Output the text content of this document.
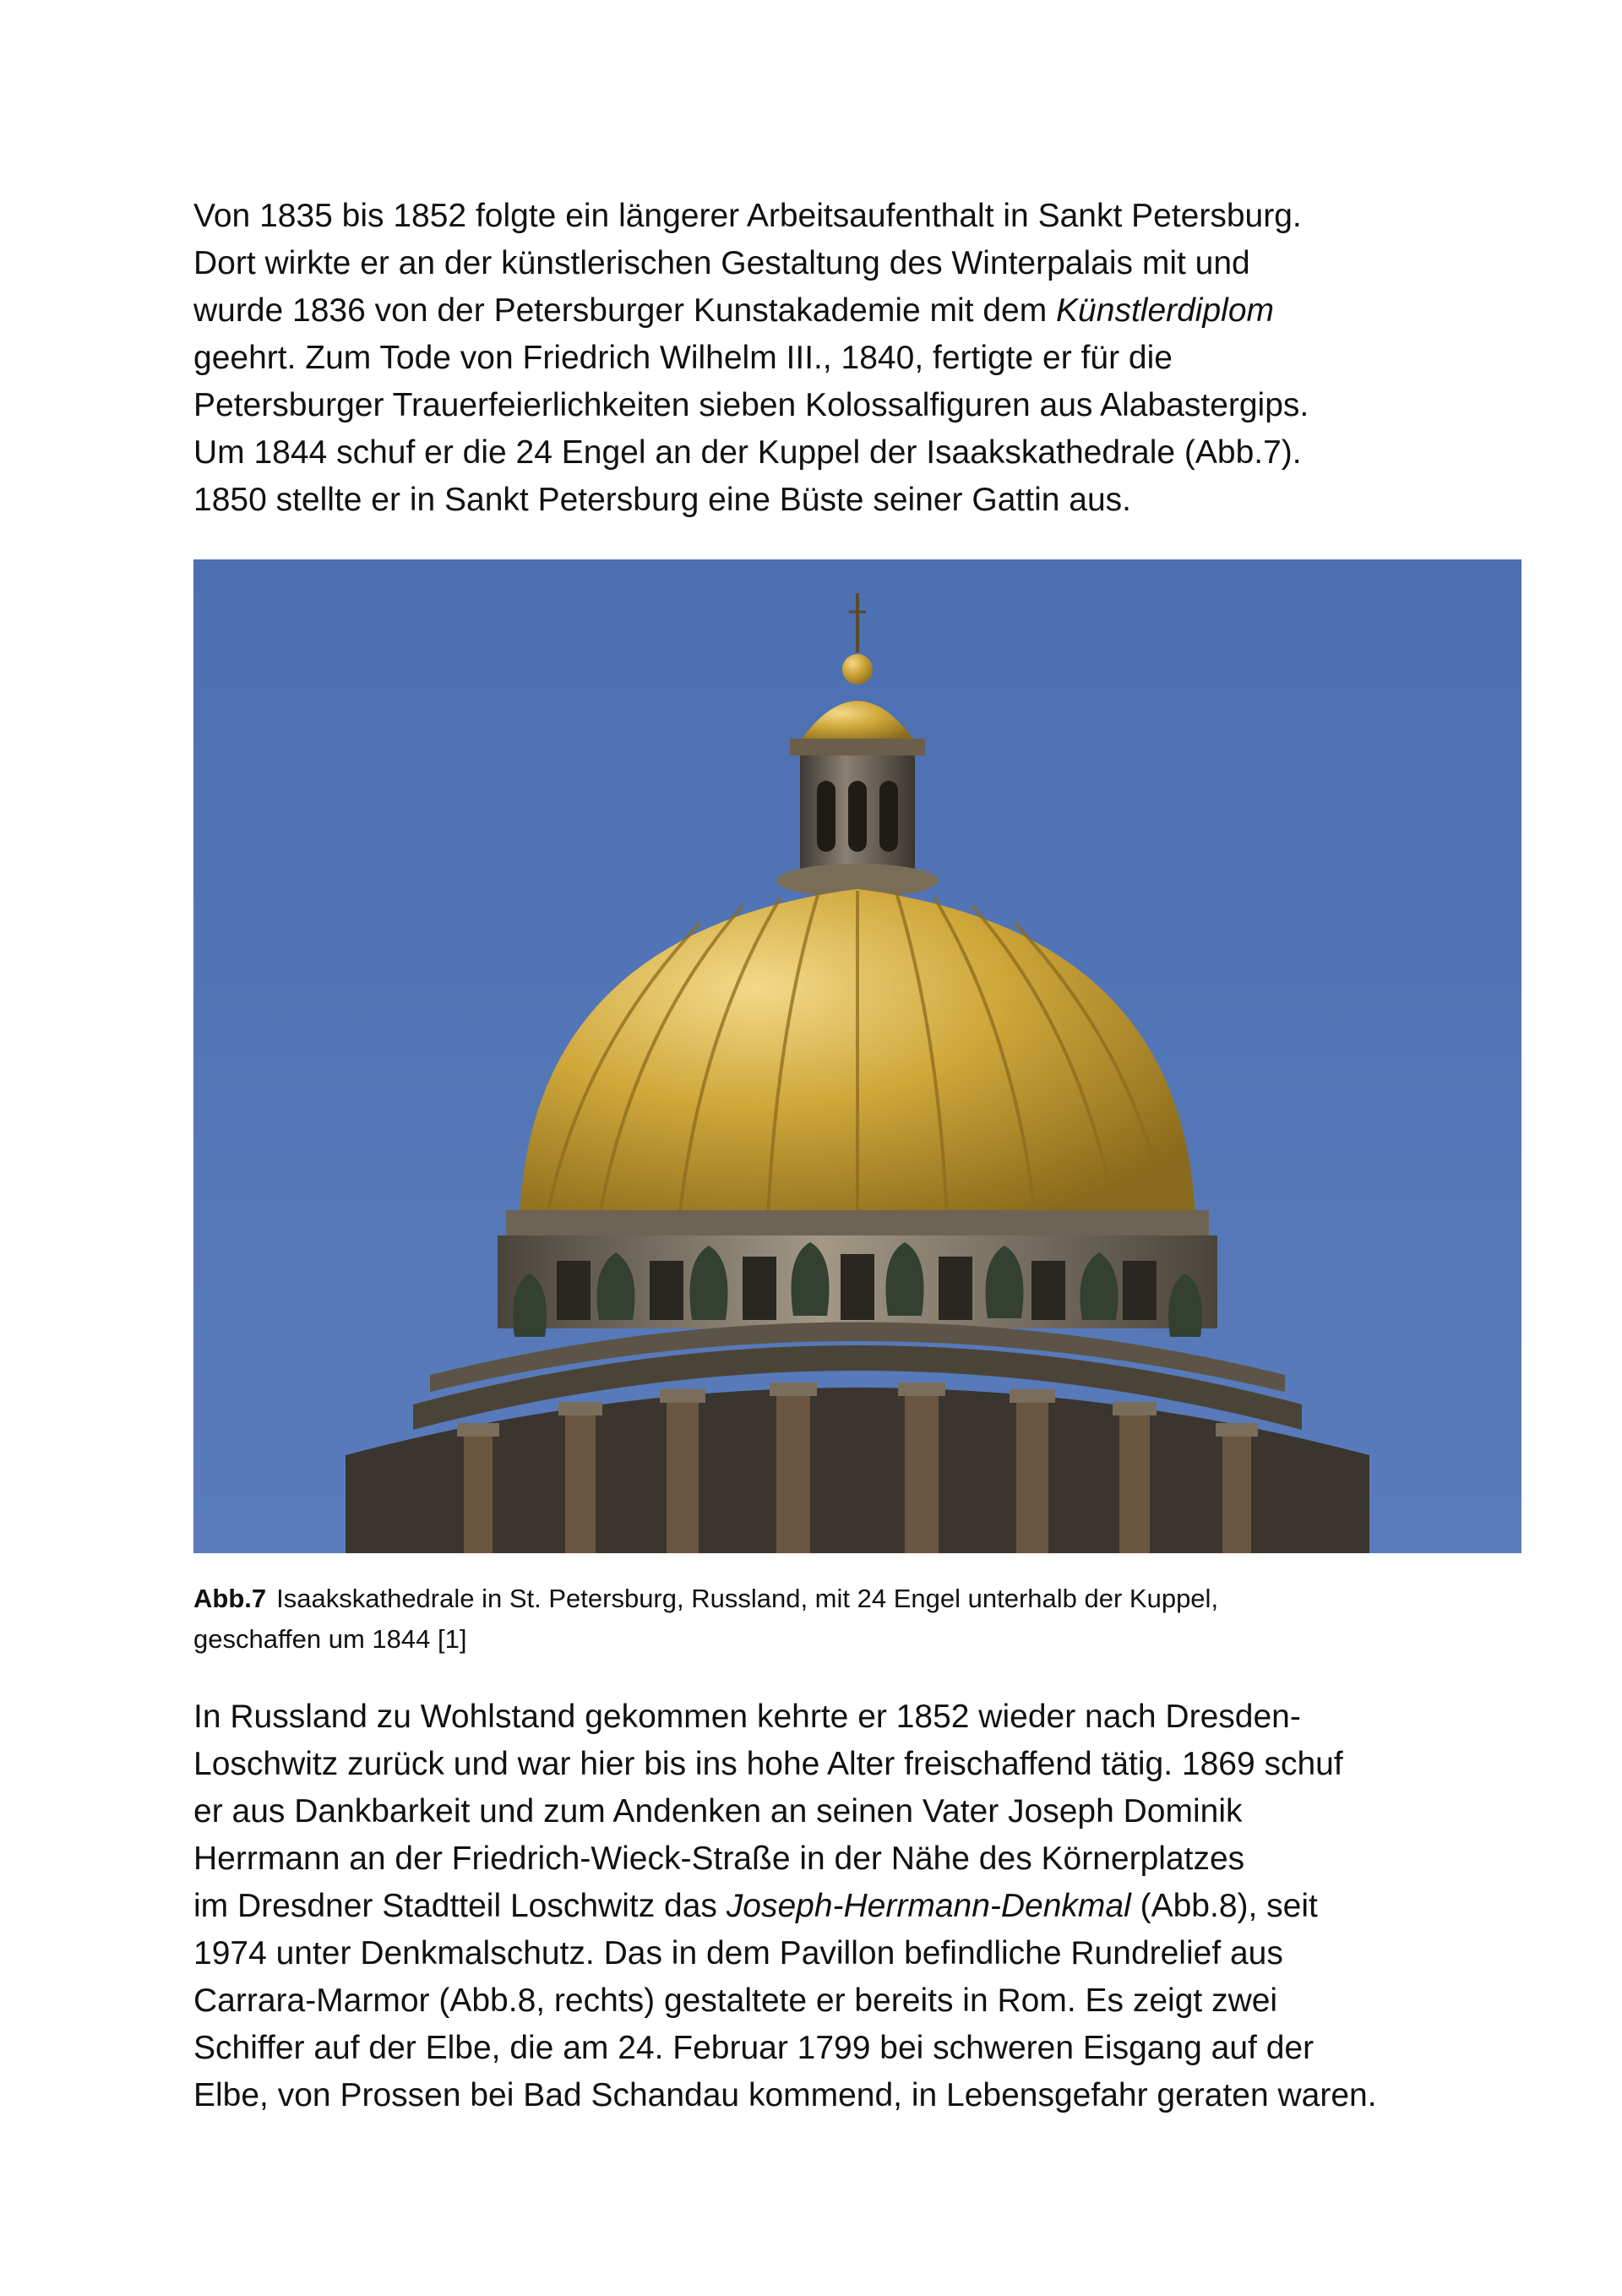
Von 1835 bis 1852 folgte ein längerer Arbeitsaufenthalt in Sankt Petersburg.
Dort wirkte er an der künstlerischen Gestaltung des Winterpalais mit und
wurde 1836 von der Petersburger Kunstakademie mit dem Künstlerdiplom
geehrt. Zum Tode von Friedrich Wilhelm III., 1840, fertigte er für die
Petersburger Trauerfeierlichkeiten sieben Kolossalfiguren aus Alabastergips.
Um 1844 schuf er die 24 Engel an der Kuppel der Isaakskathedrale (Abb.7).
1850 stellte er in Sankt Petersburg eine Büste seiner Gattin aus.

Abb.7 Isaakskathedrale in St. Petersburg, Russland, mit 24 Engel unterhalb der Kuppel,
geschaffen um 1844 [1]

In Russland zu Wohlstand gekommen kehrte er 1852 wieder nach Dresden-
Loschwitz zurück und war hier bis ins hohe Alter freischaffend tätig. 1869 schuf
er aus Dankbarkeit und zum Andenken an seinen Vater Joseph Dominik
Herrmann an der Friedrich-Wieck-Straße in der Nähe des Körnerplatzes
im Dresdner Stadtteil Loschwitz das Joseph-Herrmann-Denkmal (Abb.8), seit
1974 unter Denkmalschutz. Das in dem Pavillon befindliche Rundrelief aus
Carrara-Marmor (Abb.8, rechts) gestaltete er bereits in Rom. Es zeigt zwei
Schiffer auf der Elbe, die am 24. Februar 1799 bei schweren Eisgang auf der
Elbe, von Prossen bei Bad Schandau kommend, in Lebensgefahr geraten waren.
